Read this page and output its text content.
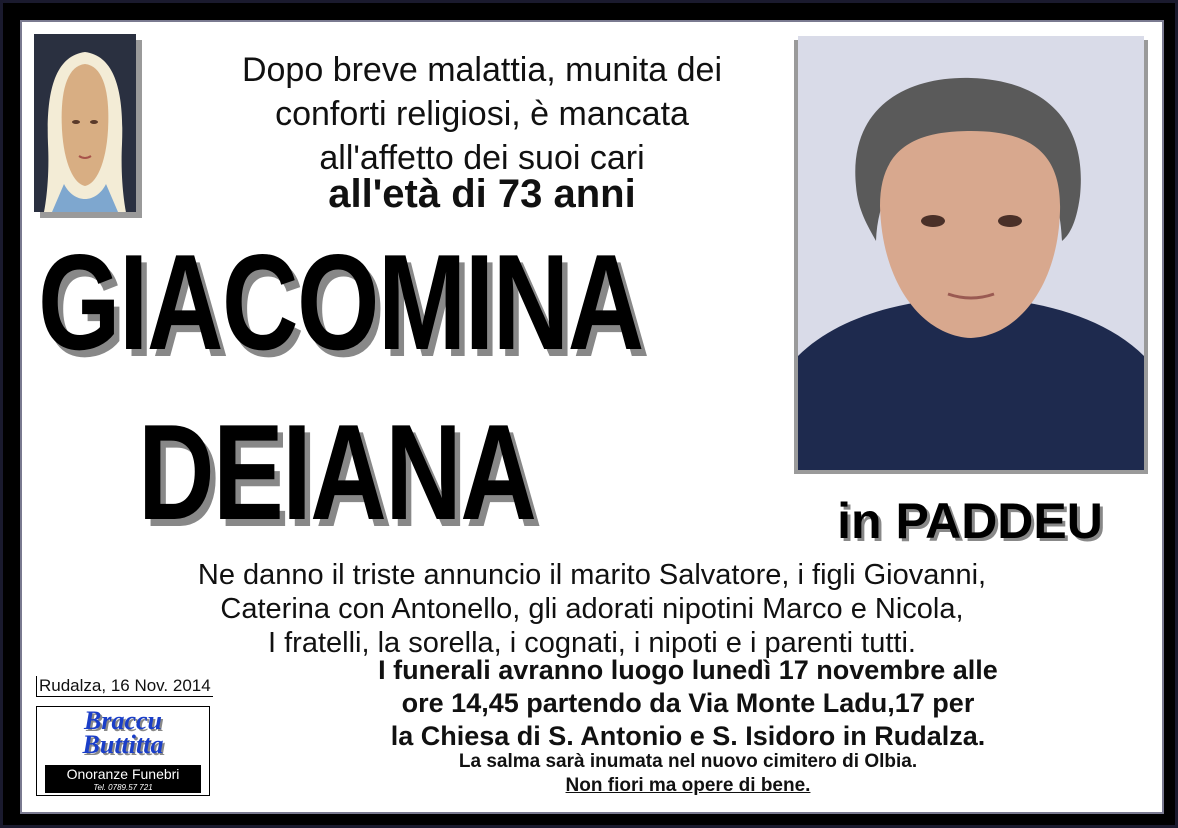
Dopo breve malattia, munita dei
conforti religiosi, è mancata
all'affetto dei suoi cari
all'età di 73 anni
GIACOMINA
DEIANA	in PADDEU
Ne danno il triste annuncio il marito Salvatore, i figli Giovanni,
Caterina con Antonello, gli adorati nipotini Marco e Nicola,
I fratelli, la sorella, i cognati, i nipoti e i parenti tutti.
Rudalza, 16 Nov. 2014
Braccu
Buttitta
Onoranze Funebri
Tel. 0789.57 721
I funerali avranno luogo lunedì 17 novembre alle
ore 14,45 partendo da Via Monte Ladu,17 per
la Chiesa di S. Antonio e S. Isidoro in Rudalza.
La salma sarà inumata nel nuovo cimitero di Olbia.
Non fiori ma opere di bene.
